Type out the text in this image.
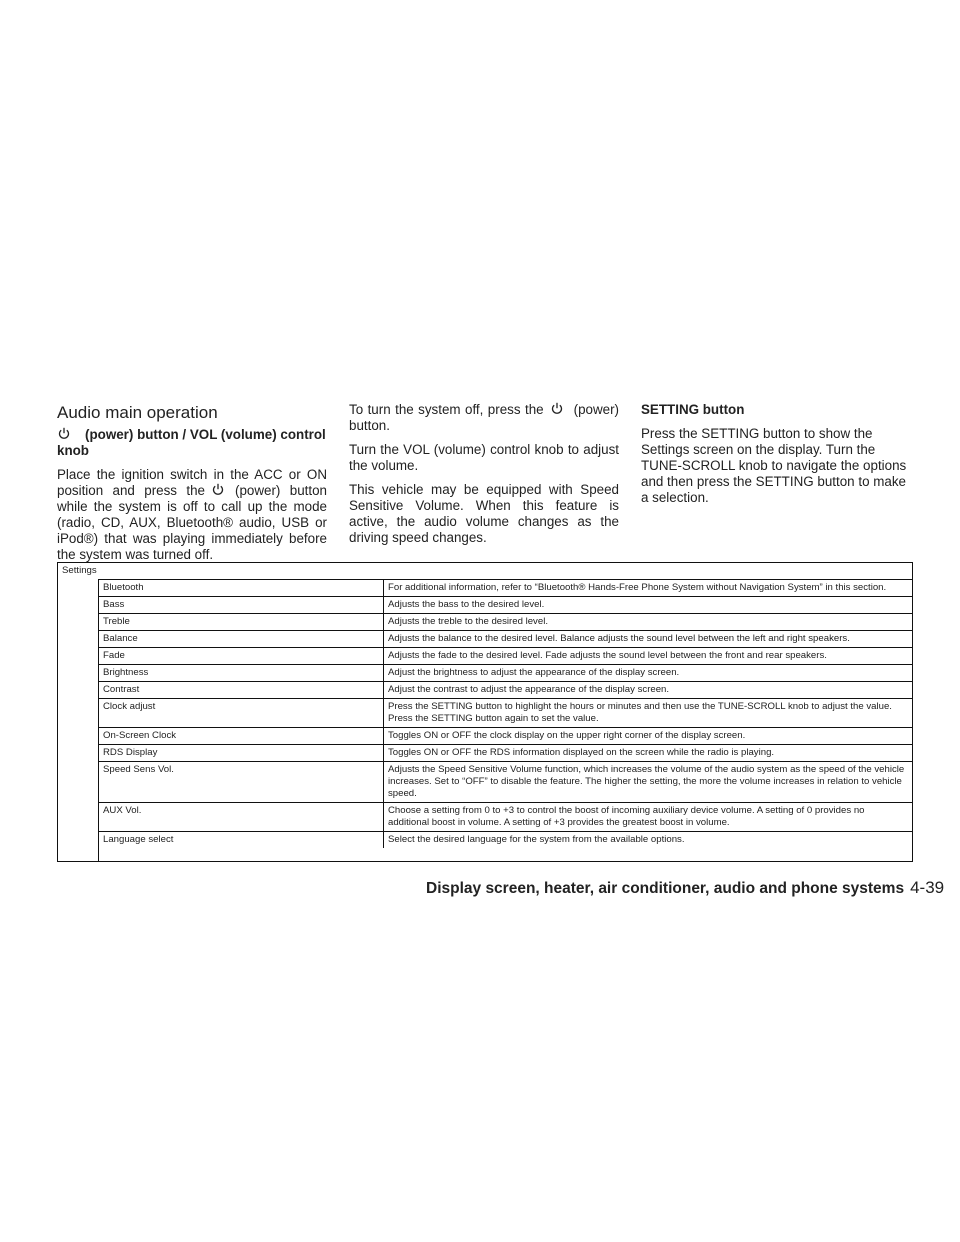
Audio main operation

(power) button / VOL (volume) control knob

Place the ignition switch in the ACC or ON position and press the (power) button while the system is off to call up the mode (radio, CD, AUX, Bluetooth® audio, USB or iPod®) that was playing immediately before the system was turned off.

To turn the system off, press the (power) button.

Turn the VOL (volume) control knob to adjust the volume.

This vehicle may be equipped with Speed Sensitive Volume. When this feature is active, the audio volume changes as the driving speed changes.

SETTING button

Press the SETTING button to show the Settings screen on the display. Turn the TUNE-SCROLL knob to navigate the options and then press the SETTING button to make a selection.

Settings
Bluetooth	For additional information, refer to “Bluetooth® Hands-Free Phone System without Navigation System” in this section.
Bass	Adjusts the bass to the desired level.
Treble	Adjusts the treble to the desired level.
Balance	Adjusts the balance to the desired level. Balance adjusts the sound level between the left and right speakers.
Fade	Adjusts the fade to the desired level. Fade adjusts the sound level between the front and rear speakers.
Brightness	Adjust the brightness to adjust the appearance of the display screen.
Contrast	Adjust the contrast to adjust the appearance of the display screen.
Clock adjust	Press the SETTING button to highlight the hours or minutes and then use the TUNE-SCROLL knob to adjust the value. Press the SETTING button again to set the value.
On-Screen Clock	Toggles ON or OFF the clock display on the upper right corner of the display screen.
RDS Display	Toggles ON or OFF the RDS information displayed on the screen while the radio is playing.
Speed Sens Vol.	Adjusts the Speed Sensitive Volume function, which increases the volume of the audio system as the speed of the vehicle increases. Set to “OFF” to disable the feature. The higher the setting, the more the volume increases in relation to vehicle speed.
AUX Vol.	Choose a setting from 0 to +3 to control the boost of incoming auxiliary device volume. A setting of 0 provides no additional boost in volume. A setting of +3 provides the greatest boost in volume.
Language select	Select the desired language for the system from the available options.
Display screen, heater, air conditioner, audio and phone systems 4-39
